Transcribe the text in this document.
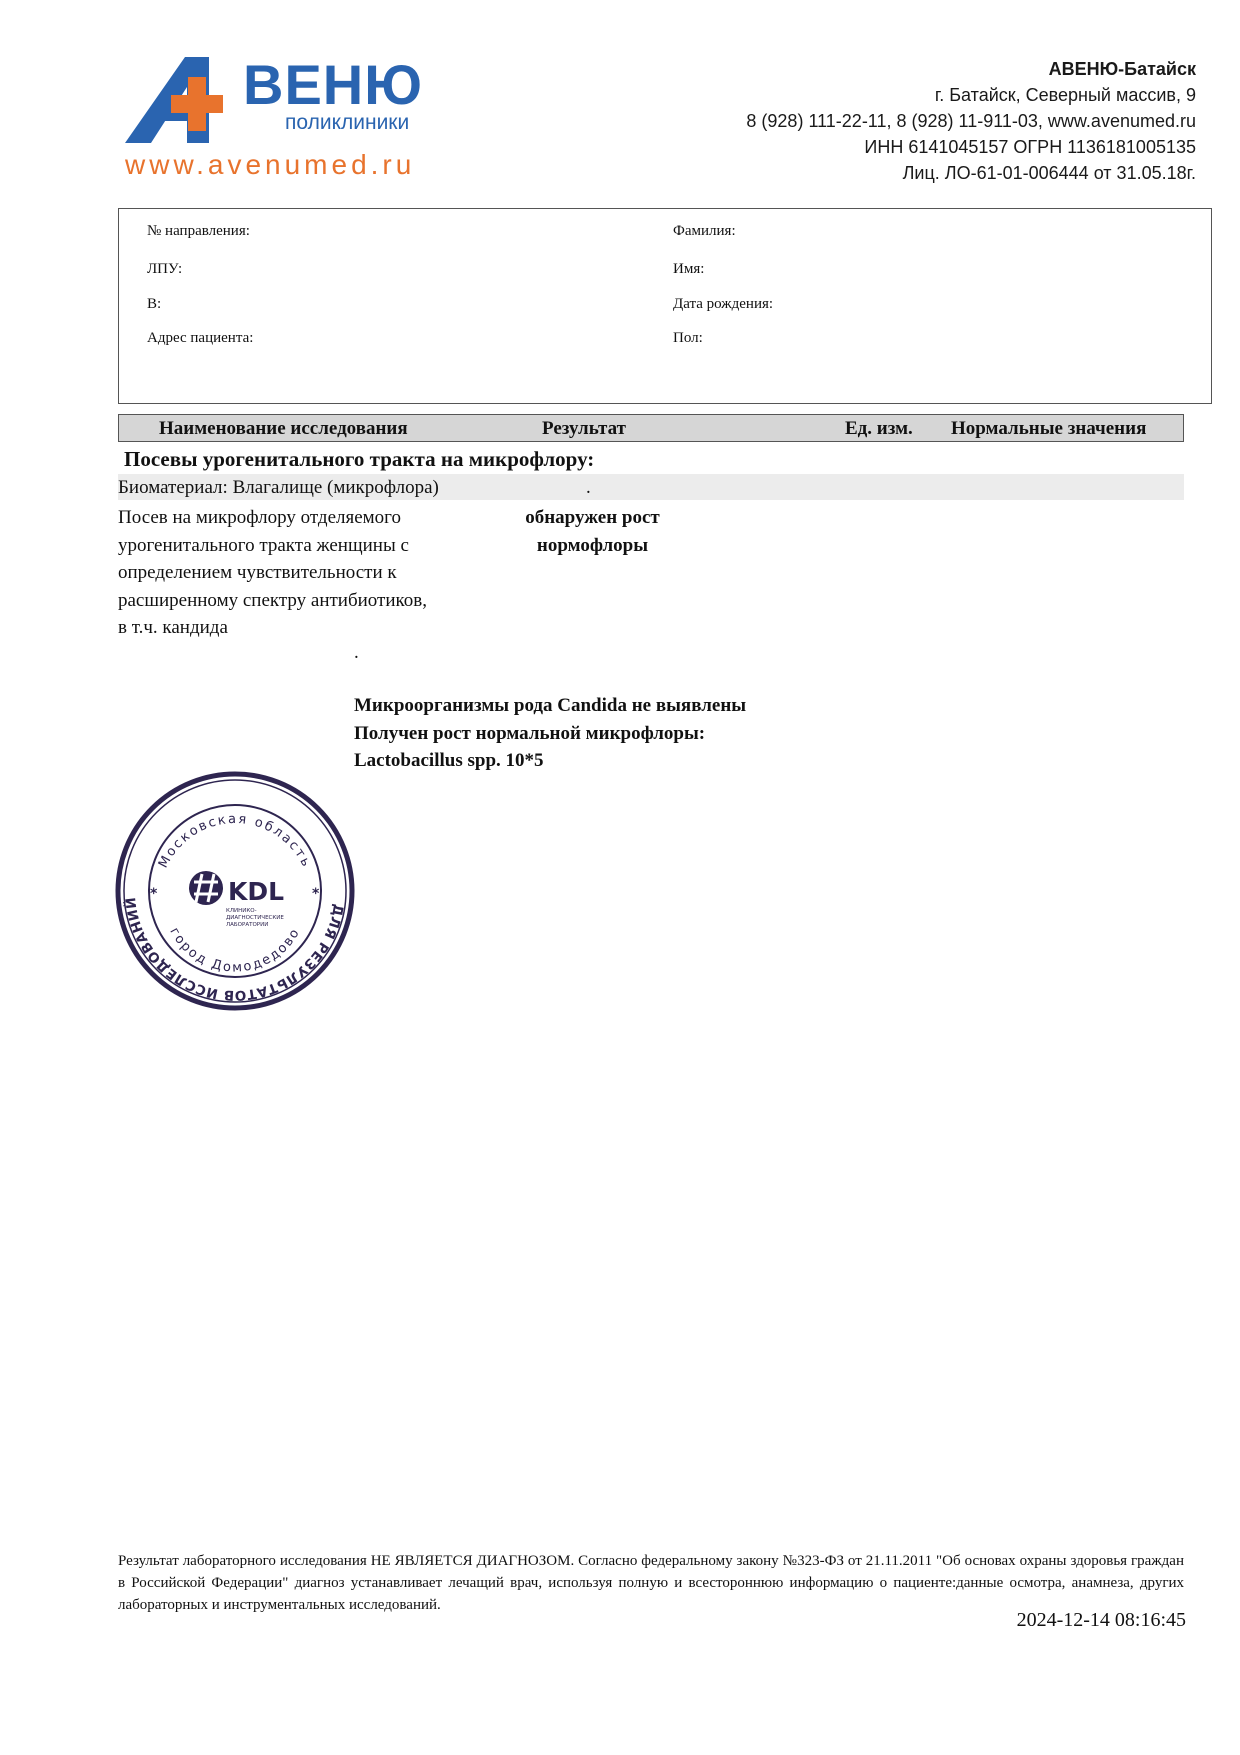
ВЕНЮ
поликлиники
www.avenumed.ru
АВЕНЮ-Батайск
г. Батайск, Северный массив, 9
8 (928) 111-22-11, 8 (928) 11-911-03, www.avenumed.ru
ИНН 6141045157 ОГРН 1136181005135
Лиц. ЛО-61-01-006444 от 31.05.18г.
№ направления:
ЛПУ:
В:
Адрес пациента:
Фамилия:
Имя:
Дата рождения:
Пол:
Наименование исследования	Результат	Ед. изм. Нормальные значения
Посевы урогенитального тракта на микрофлору:
Биоматериал: Влагалище (микрофлора)	.
Посев на микрофлору отделяемого
урогенитального тракта женщины с
определением чувствительности к
расширенному спектру антибиотиков,
в т.ч. кандида
обнаружен рост
нормофлоры
.
Микроорганизмы рода Candida не выявлены
Получен рост нормальной микрофлоры:
Lactobacillus spp. 10*5
ДЛЯ РЕЗУЛЬТАТОВ ИССЛЕДОВАНИЙ
Московская область
город Домодедово
KDL
КЛИНИКО-
ДИАГНОСТИЧЕСКИЕ
ЛАБОРАТОРИИ
*	*
Результат лабораторного исследования НЕ ЯВЛЯЕТСЯ ДИАГНОЗОМ. Согласно федеральному закону №323-ФЗ от 21.11.2011 "Об основах охраны здоровья граждан в Российской Федерации" диагноз устанавливает лечащий врач, используя полную и всестороннюю информацию о пациенте:данные осмотра, анамнеза, других лабораторных и инструментальных исследований.
2024-12-14 08:16:45
